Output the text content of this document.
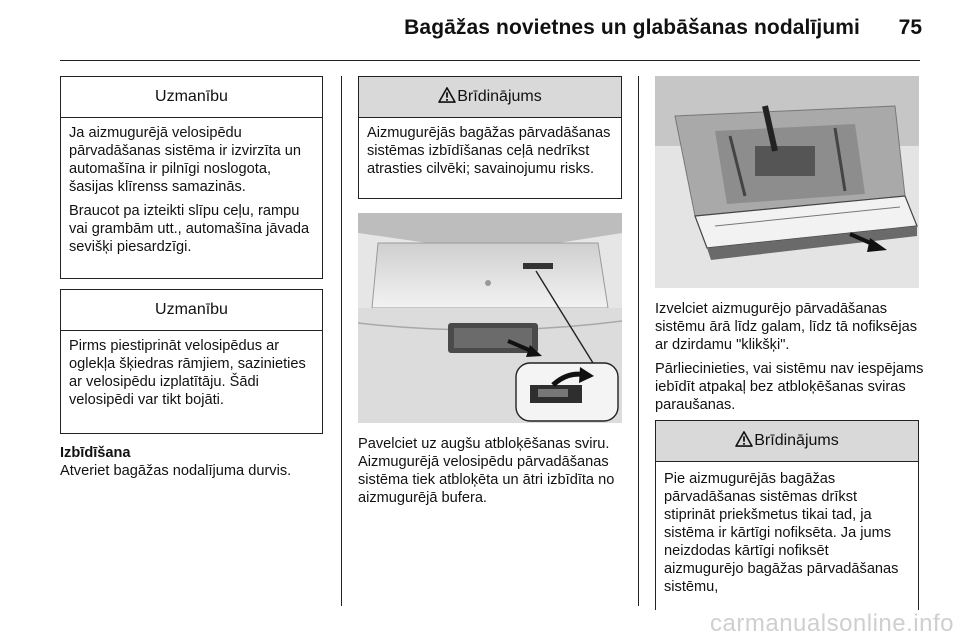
Bagāžas novietnes un glabāšanas nodalījumi	75
Uzmanību

Ja aizmugurējā velosipēdu pārvadāšanas sistēma ir izvirzīta un automašīna ir pilnīgi noslogota, šasijas klīrenss samazinās.

Braucot pa izteikti slīpu ceļu, rampu vai grambām utt., automašīna jāvada sevišķi piesardzīgi.

Uzmanību

Pirms piestiprināt velosipēdus ar oglekļa šķiedras rāmjiem, sazinieties ar velosipēdu izplatītāju. Šādi velosipēdi var tikt bojāti.

Izbīdīšana
Atveriet bagāžas nodalījuma durvis.
Brīdinājums
Aizmugurējās bagāžas pārvadāšanas sistēmas izbīdīšanas ceļā nedrīkst atrasties cilvēki; savainojumu risks.
Pavelciet uz augšu atbloķēšanas sviru. Aizmugurējā velosipēdu pārvadāšanas sistēma tiek atbloķēta un ātri izbīdīta no aizmugurējā bufera.

Izvelciet aizmugurējo pārvadāšanas sistēmu ārā līdz galam, līdz tā nofiksējas ar dzirdamu "klikšķi".

Pārliecinieties, vai sistēmu nav iespējams iebīdīt atpakaļ bez atbloķēšanas sviras paraušanas.

Brīdinājums
Pie aizmugurējās bagāžas pārvadāšanas sistēmas drīkst stiprināt priekšmetus tikai tad, ja sistēma ir kārtīgi nofiksēta. Ja jums neizdodas kārtīgi nofiksēt aizmugurējo bagāžas pārvadāšanas sistēmu,
carmanualsonline.info
